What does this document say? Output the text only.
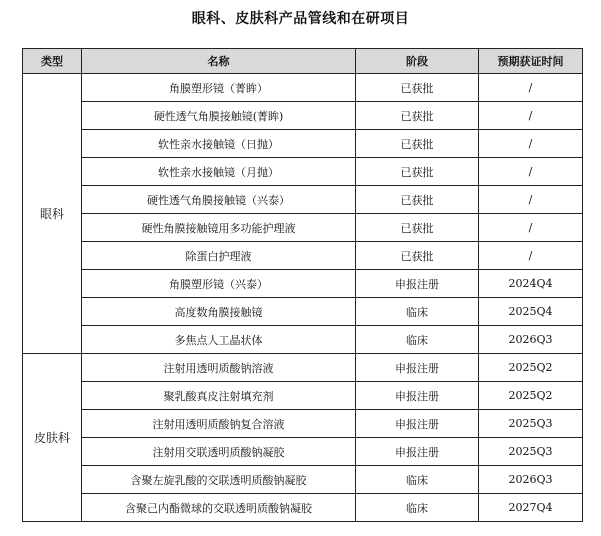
眼科、皮肤科产品管线和在研项目
类型	名称	阶段	预期获证时间
眼科	角膜塑形镜（菁眸）	已获批	/
	硬性透气角膜接触镜(菁眸)	已获批	/
	软性亲水接触镜（日抛）	已获批	/
	软性亲水接触镜（月抛）	已获批	/
	硬性透气角膜接触镜（兴泰）	已获批	/
	硬性角膜接触镜用多功能护理液	已获批	/
	除蛋白护理液	已获批	/
	角膜塑形镜（兴泰）	申报注册	2024Q4
	高度数角膜接触镜	临床	2025Q4
	多焦点人工晶状体	临床	2026Q3
皮肤科	注射用透明质酸钠溶液	申报注册	2025Q2
	聚乳酸真皮注射填充剂	申报注册	2025Q2
	注射用透明质酸钠复合溶液	申报注册	2025Q3
	注射用交联透明质酸钠凝胶	申报注册	2025Q3
	含聚左旋乳酸的交联透明质酸钠凝胶	临床	2026Q3
	含聚己内酯微球的交联透明质酸钠凝胶	临床	2027Q4
